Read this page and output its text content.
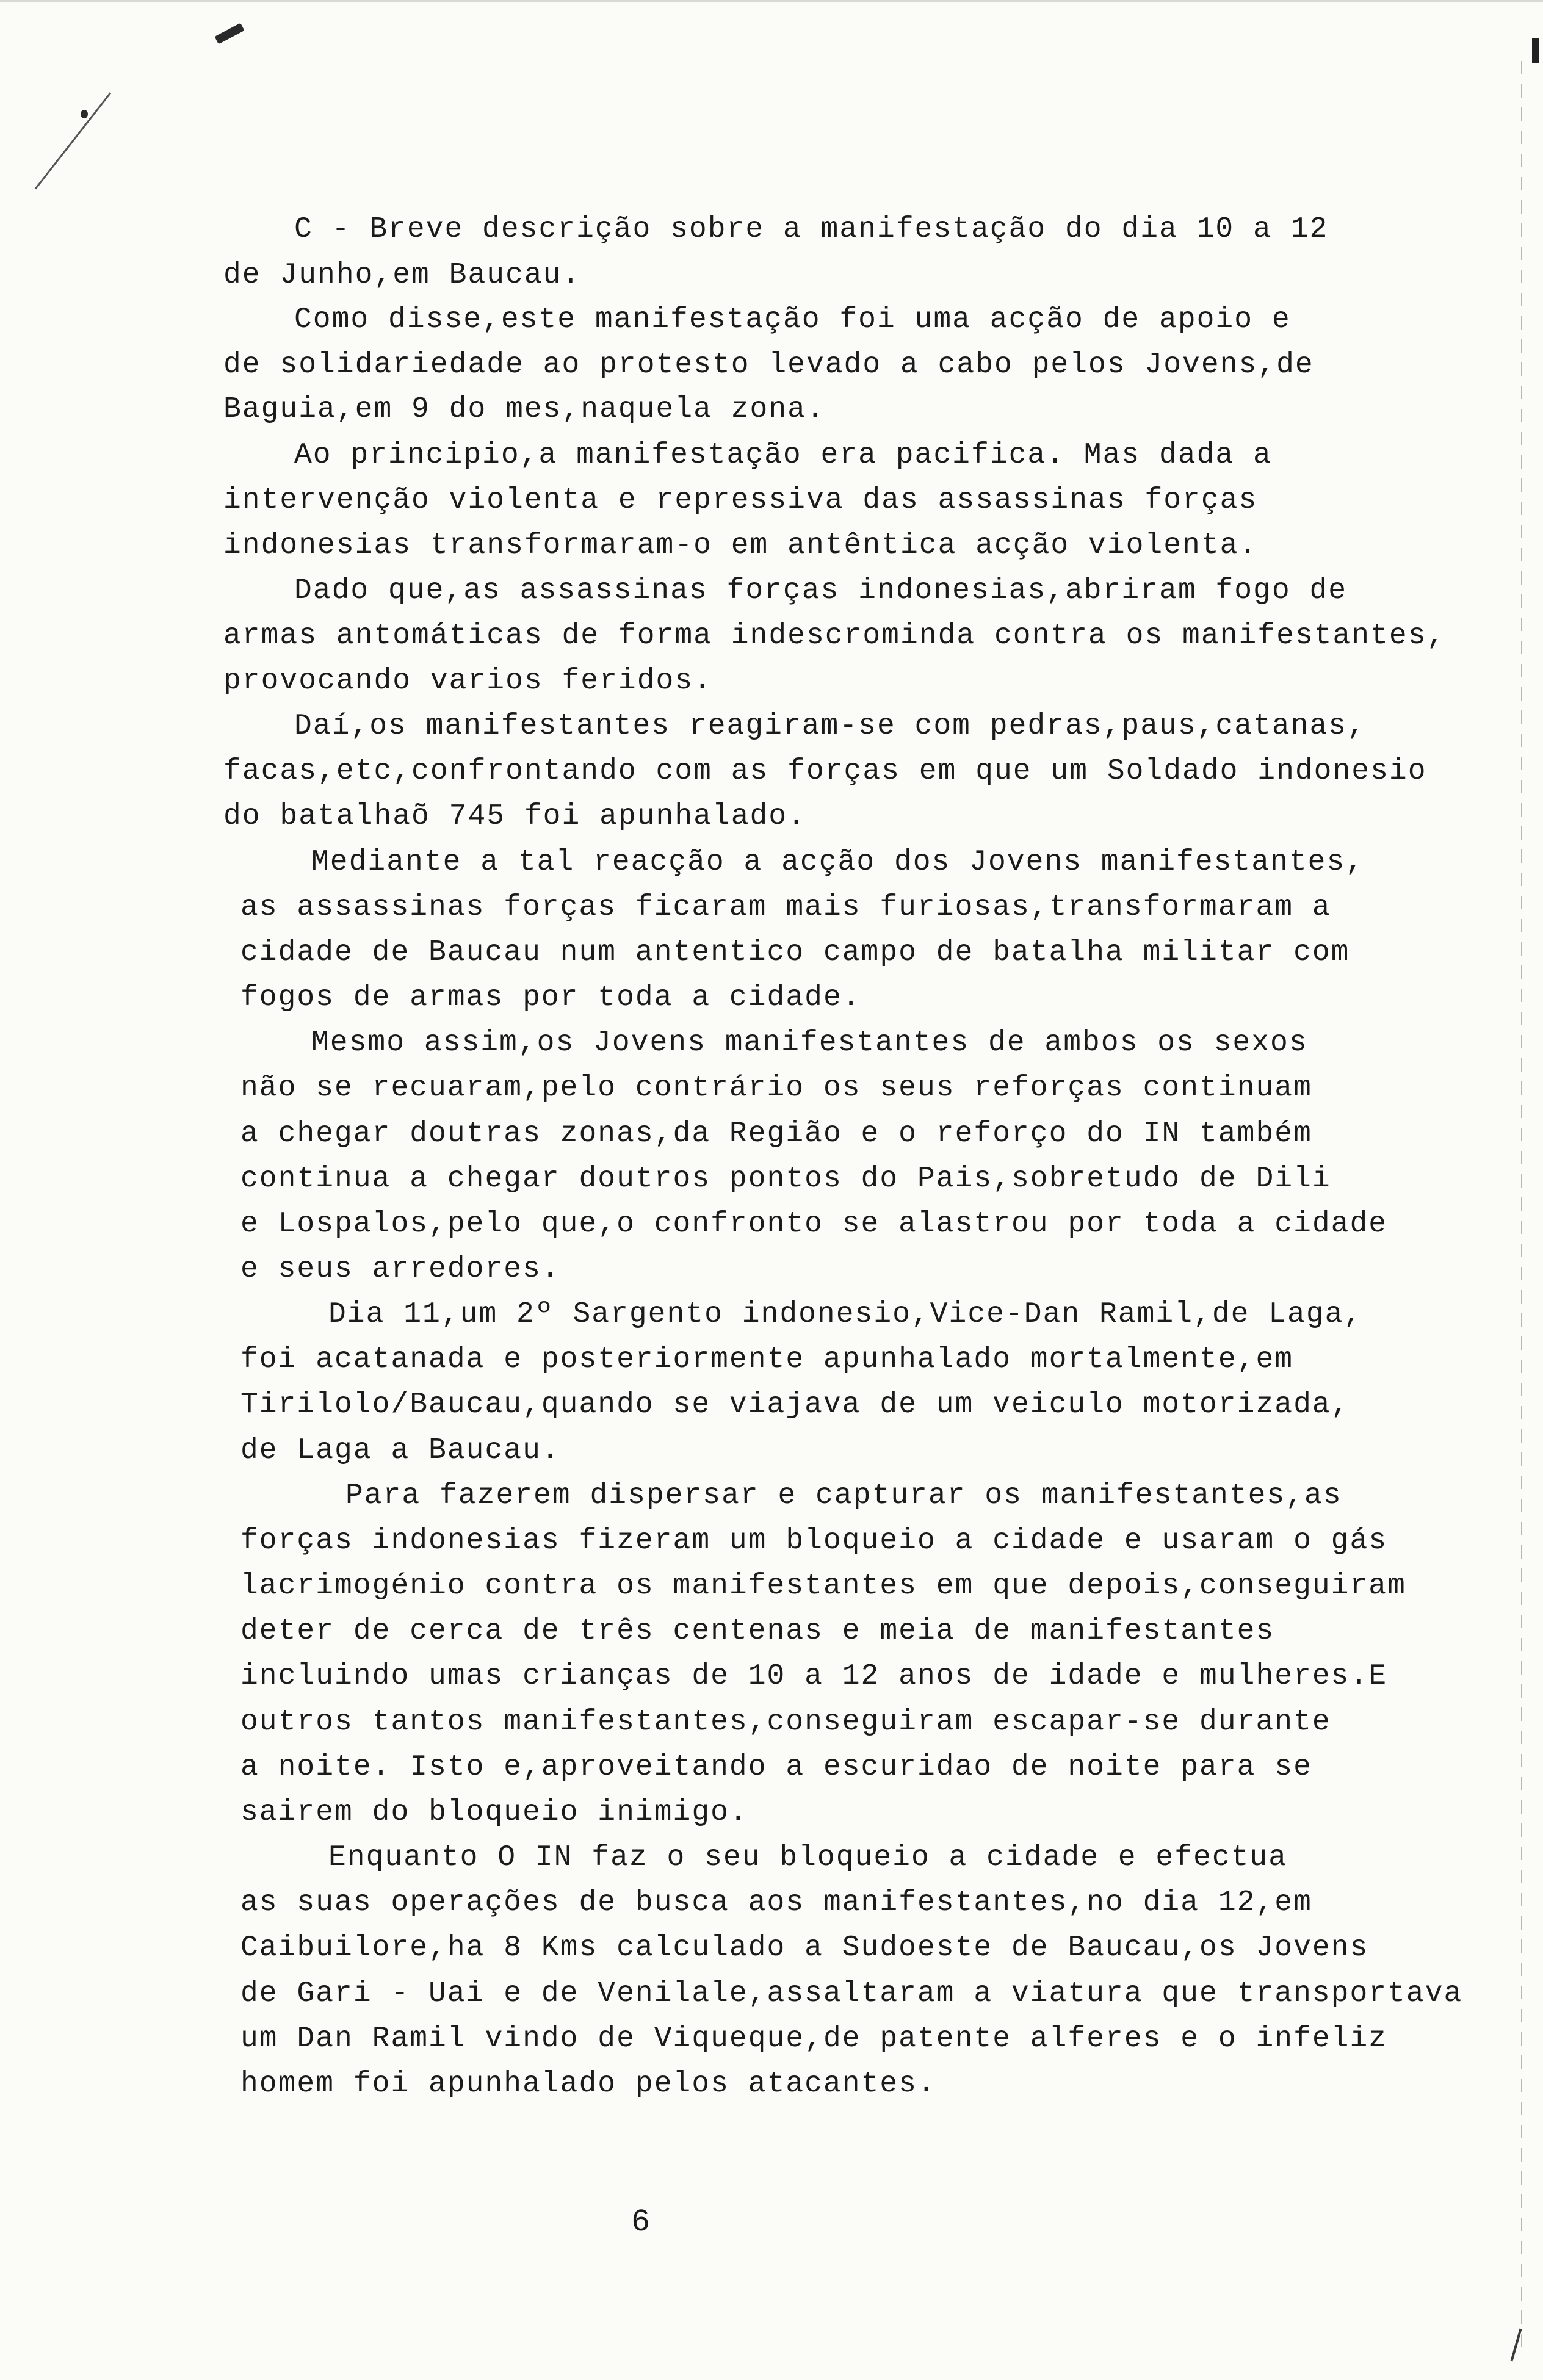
C - Breve descrição sobre a manifestação do dia 10 a 12
de Junho,em Baucau.
Como disse,este manifestação foi uma acção de apoio e
de solidariedade ao protesto levado a cabo pelos Jovens,de
Baguia,em 9 do mes,naquela zona.
Ao principio,a manifestação era pacifica. Mas dada a
intervenção violenta e repressiva das assassinas forças
indonesias transformaram-o em antêntica acção violenta.
Dado que,as assassinas forças indonesias,abriram fogo de
armas antomáticas de forma indescrominda contra os manifestantes,
provocando varios feridos.
Daí,os manifestantes reagiram-se com pedras,paus,catanas,
facas,etc,confrontando com as forças em que um Soldado indonesio
do batalhaõ 745 foi apunhalado.
Mediante a tal reacção a acção dos Jovens manifestantes,
as assassinas forças ficaram mais furiosas,transformaram a
cidade de Baucau num antentico campo de batalha militar com
fogos de armas por toda a cidade.
Mesmo assim,os Jovens manifestantes de ambos os sexos
não se recuaram,pelo contrário os seus reforças continuam
a chegar doutras zonas,da Região e o reforço do IN também
continua a chegar doutros pontos do Pais,sobretudo de Dili
e Lospalos,pelo que,o confronto se alastrou por toda a cidade
e seus arredores.
Dia 11,um 2º Sargento indonesio,Vice-Dan Ramil,de Laga,
foi acatanada e posteriormente apunhalado mortalmente,em
Tirilolo/Baucau,quando se viajava de um veiculo motorizada,
de Laga a Baucau.
Para fazerem dispersar e capturar os manifestantes,as
forças indonesias fizeram um bloqueio a cidade e usaram o gás
lacrimogénio contra os manifestantes em que depois,conseguiram
deter de cerca de três centenas e meia de manifestantes
incluindo umas crianças de 10 a 12 anos de idade e mulheres.E
outros tantos manifestantes,conseguiram escapar-se durante
a noite. Isto e,aproveitando a escuridao de noite para se
sairem do bloqueio inimigo.
Enquanto O IN faz o seu bloqueio a cidade e efectua
as suas operações de busca aos manifestantes,no dia 12,em
Caibuilore,ha 8 Kms calculado a Sudoeste de Baucau,os Jovens
de Gari - Uai e de Venilale,assaltaram a viatura que transportava
um Dan Ramil vindo de Viqueque,de patente alferes e o infeliz
homem foi apunhalado pelos atacantes.
6
